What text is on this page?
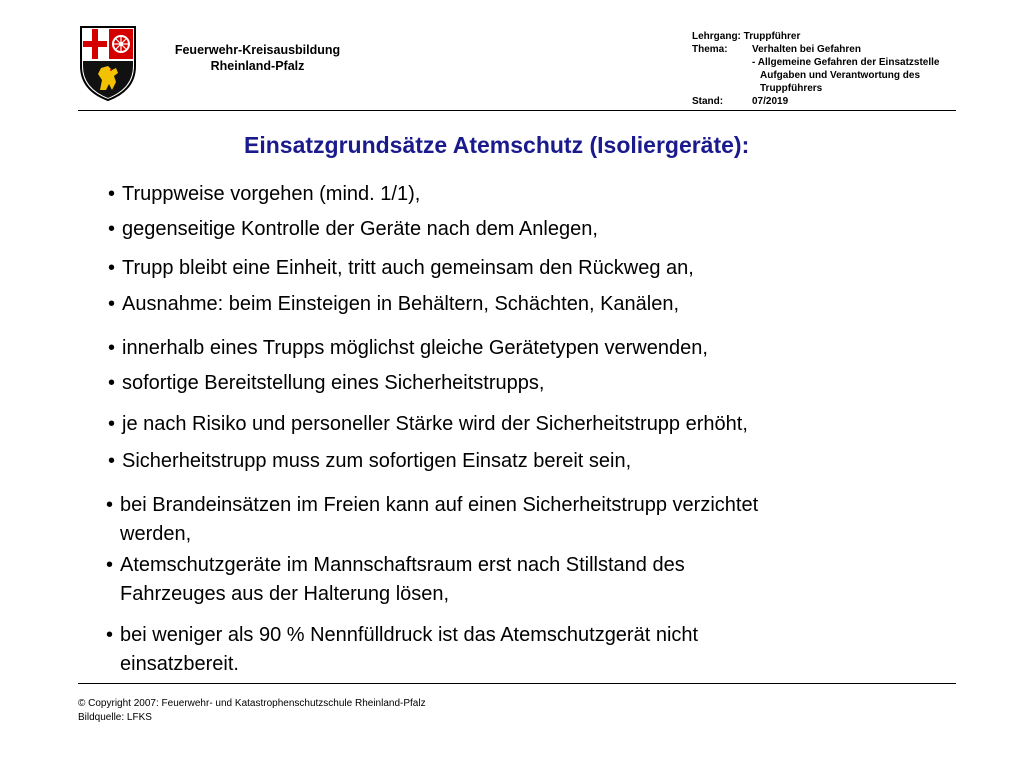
Feuerwehr-Kreisausbildung
Rheinland-Pfalz
Lehrgang: Truppführer
Thema:	Verhalten bei Gefahren
- Allgemeine Gefahren der Einsatzstelle
Aufgaben und Verantwortung des
Truppführers
Stand:	07/2019
Einsatzgrundsätze Atemschutz (Isoliergeräte):
• Truppweise vorgehen (mind. 1/1),
• gegenseitige Kontrolle der Geräte nach dem Anlegen,
• Trupp bleibt eine Einheit, tritt auch gemeinsam den Rückweg an,
• Ausnahme: beim Einsteigen in Behältern, Schächten, Kanälen,
• innerhalb eines Trupps möglichst gleiche Gerätetypen verwenden,
• sofortige Bereitstellung eines Sicherheitstrupps,
• je nach Risiko und personeller Stärke wird der Sicherheitstrupp erhöht,
• Sicherheitstrupp muss zum sofortigen Einsatz bereit sein,
• bei Brandeinsätzen im Freien kann auf einen Sicherheitstrupp verzichtet
werden,
• Atemschutzgeräte im Mannschaftsraum erst nach Stillstand des
Fahrzeuges aus der Halterung lösen,
• bei weniger als 90 % Nennfülldruck ist das Atemschutzgerät nicht
einsatzbereit.
© Copyright 2007: Feuerwehr- und Katastrophenschutzschule Rheinland-Pfalz
Bildquelle: LFKS
